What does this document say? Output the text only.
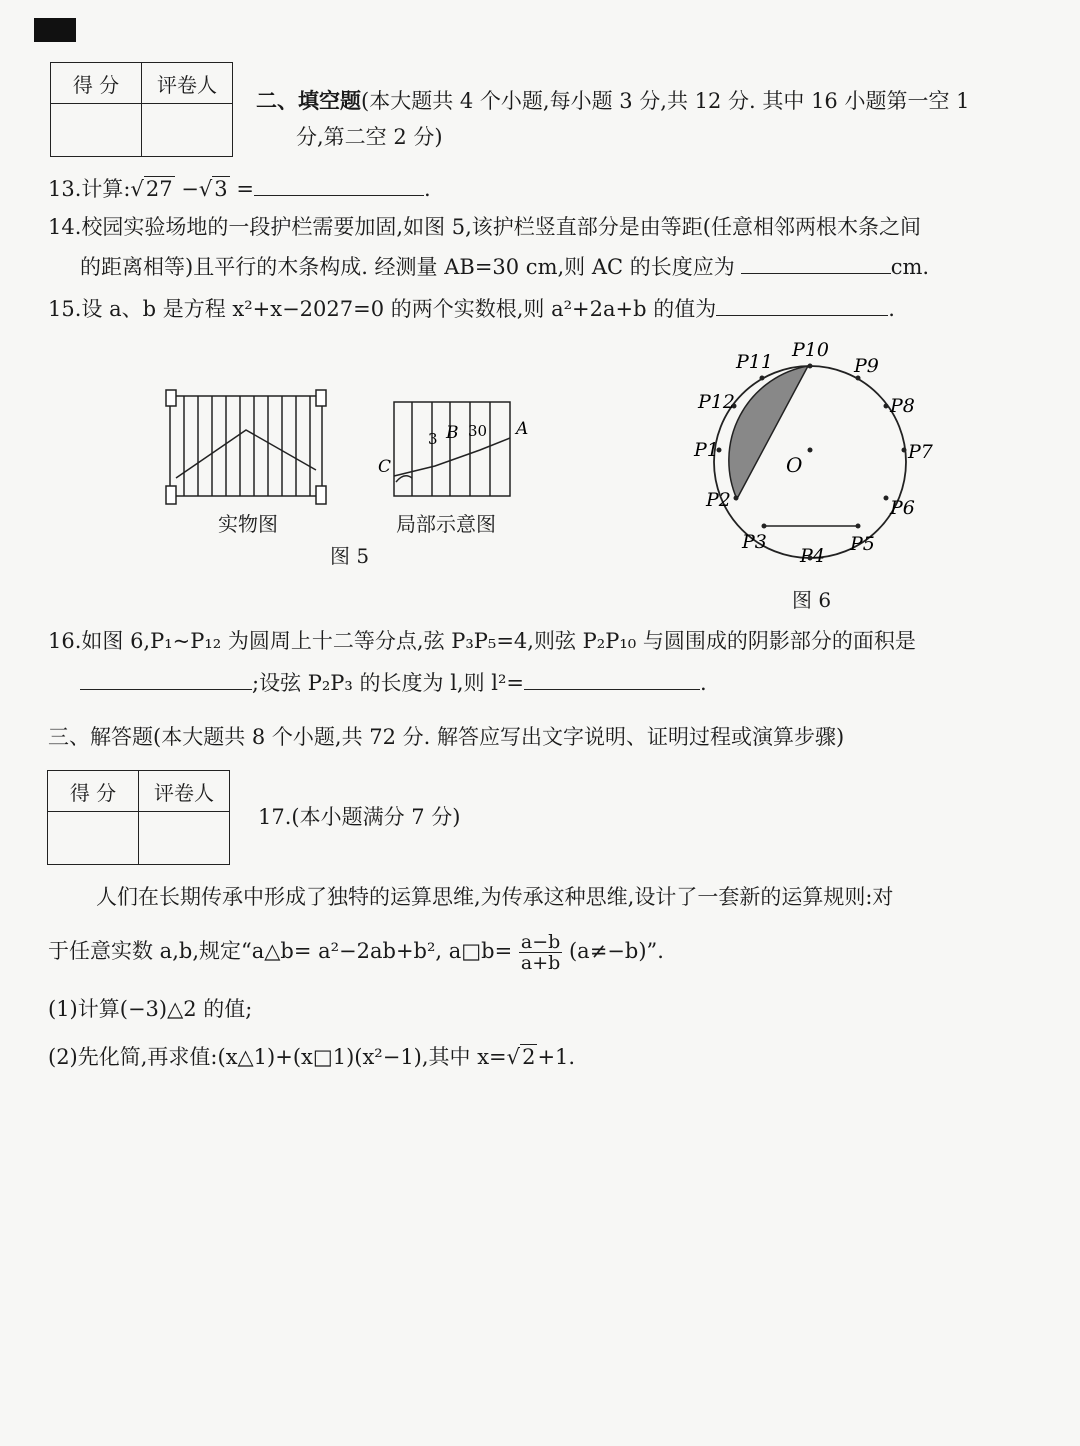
得 分	评卷人

二、填空题(本大题共 4 个小题,每小题 3 分,共 12 分. 其中 16 小题第一空 1
分,第二空 2 分)
13.计算:√27 −√3 =	.
14.校园实验场地的一段护栏需要加固,如图 5,该护栏竖直部分是由等距(任意相邻两根木条之间
的距离相等)且平行的木条构成. 经测量 AB=30 cm,则 AC 的长度应为	cm.
15.设 a、b 是方程 x²+x−2027=0 的两个实数根,则 a²+2a+b 的值为	.
A
B
C
3 30
实物图	局部示意图
图 5
O
P1
P2
P3
P4
P5
P6
P7
P8
P9
P10
P11
P12
图 6
16.如图 6,P₁~P₁₂ 为圆周上十二等分点,弦 P₃P₅=4,则弦 P₂P₁₀ 与圆围成的阴影部分的面积是
;设弦 P₂P₃ 的长度为 l,则 l²=	.
三、解答题(本大题共 8 个小题,共 72 分. 解答应写出文字说明、证明过程或演算步骤)
得 分	评卷人

17.(本小题满分 7 分)
人们在长期传承中形成了独特的运算思维,为传承这种思维,设计了一套新的运算规则:对
于任意实数 a,b,规定“a△b= a²−2ab+b², a□b= $\frac{a-b}{a+b} (a\ne-b)$”.
(1)计算(−3)△2 的值;
(2)先化简,再求值:(x△1)+(x□1)(x²−1),其中 x=√2+1.
